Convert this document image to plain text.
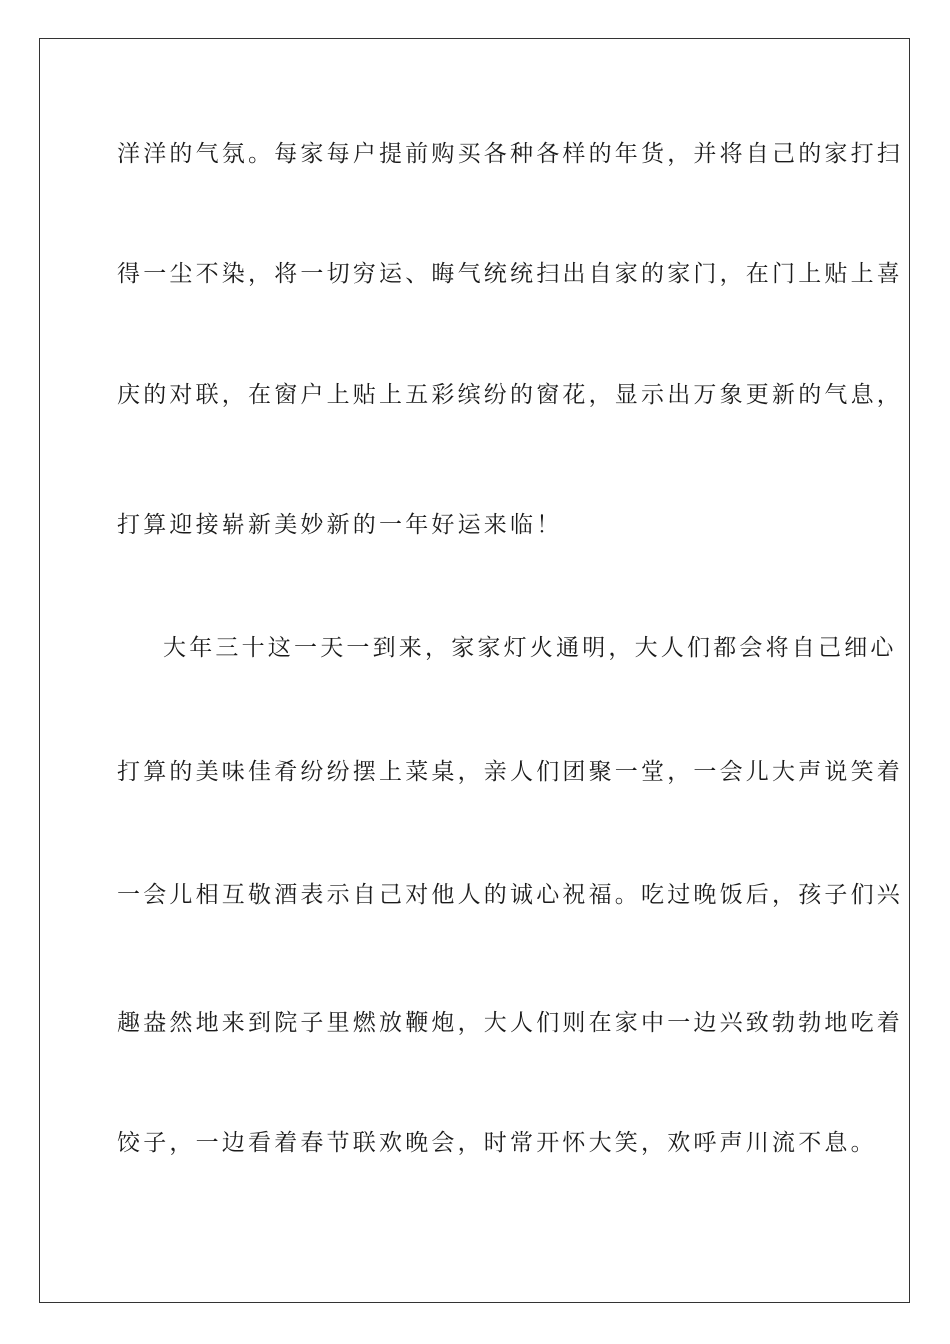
洋洋的气氛。每家每户提前购买各种各样的年货，并将自己的家打扫
得一尘不染，将一切穷运、晦气统统扫出自家的家门，在门上贴上喜
庆的对联，在窗户上贴上五彩缤纷的窗花，显示出万象更新的气息，
打算迎接崭新美妙新的一年好运来临！
大年三十这一天一到来，家家灯火通明，大人们都会将自己细心
打算的美味佳肴纷纷摆上菜桌，亲人们团聚一堂，一会儿大声说笑着
一会儿相互敬酒表示自己对他人的诚心祝福。吃过晚饭后，孩子们兴
趣盎然地来到院子里燃放鞭炮，大人们则在家中一边兴致勃勃地吃着
饺子，一边看着春节联欢晚会，时常开怀大笑，欢呼声川流不息。
